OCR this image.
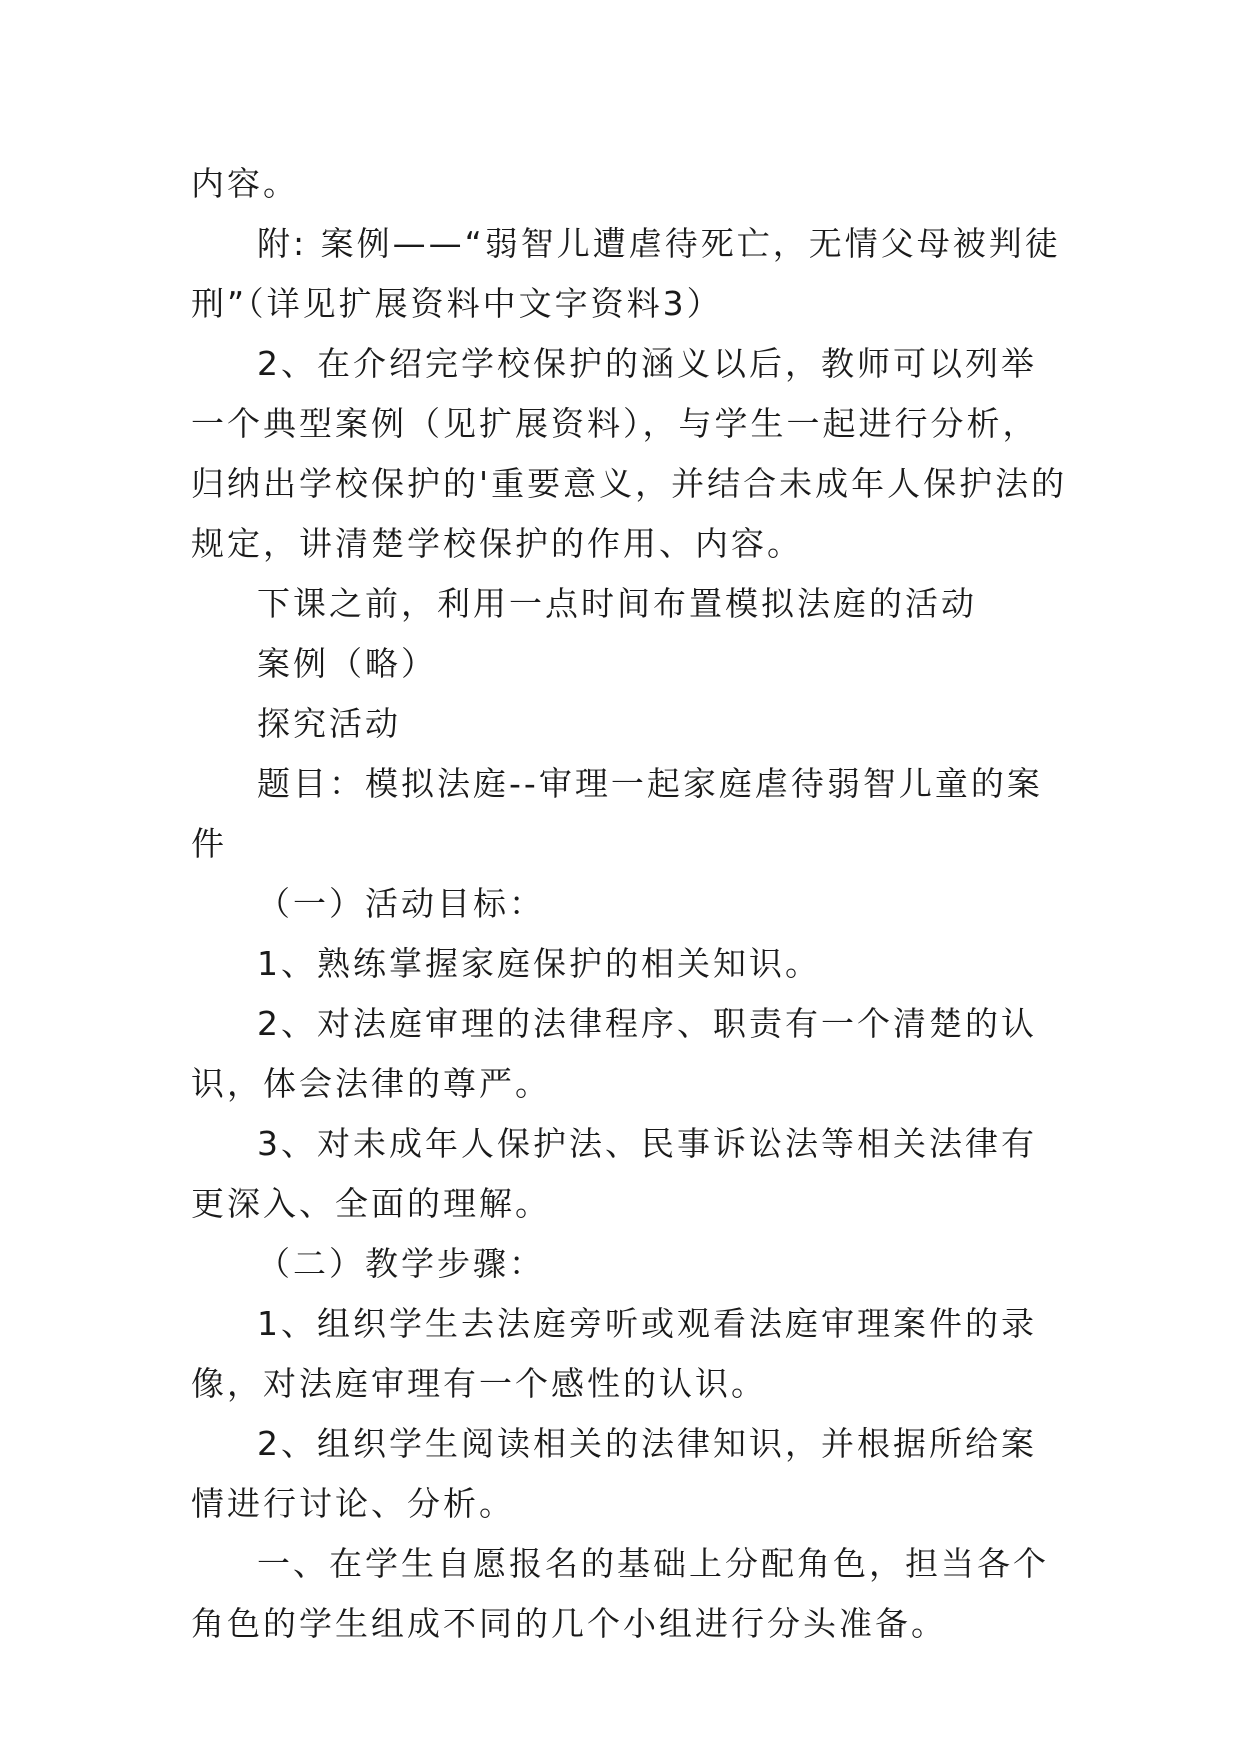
内容。

附: 案例——“弱智儿遭虐待死亡，无情父母被判徒刑”（详见扩展资料中文字资料3）

2、在介绍完学校保护的涵义以后，教师可以列举一个典型案例（见扩展资料），与学生一起进行分析，归纳出学校保护的'重要意义，并结合未成年人保护法的规定，讲清楚学校保护的作用、内容。

下课之前，利用一点时间布置模拟法庭的活动

案例（略）

探究活动

题目：模拟法庭--审理一起家庭虐待弱智儿童的案件

（一）活动目标：

1、熟练掌握家庭保护的相关知识。

2、对法庭审理的法律程序、职责有一个清楚的认识，体会法律的尊严。

3、对未成年人保护法、民事诉讼法等相关法律有更深入、全面的理解。

（二）教学步骤：

1、组织学生去法庭旁听或观看法庭审理案件的录像，对法庭审理有一个感性的认识。

2、组织学生阅读相关的法律知识，并根据所给案情进行讨论、分析。

一、在学生自愿报名的基础上分配角色，担当各个角色的学生组成不同的几个小组进行分头准备。
